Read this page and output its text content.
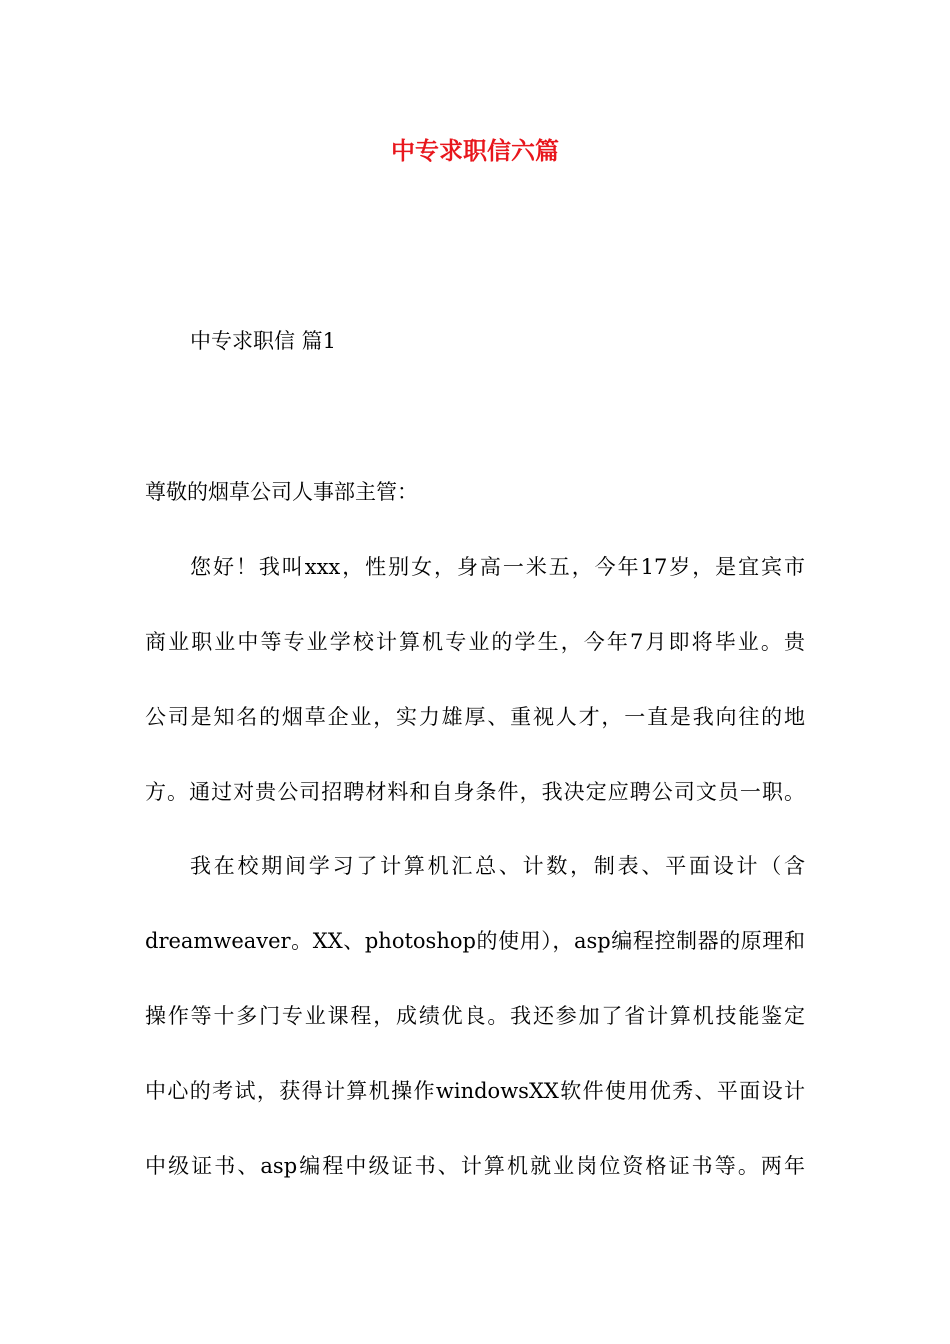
中专求职信六篇

中专求职信 篇1

尊敬的烟草公司人事部主管：

您好！我叫xxx，性别女，身高一米五，今年17岁，是宜宾市

商业职业中等专业学校计算机专业的学生，今年7月即将毕业。贵

公司是知名的烟草企业，实力雄厚、重视人才，一直是我向往的地

方。通过对贵公司招聘材料和自身条件，我决定应聘公司文员一职。

我在校期间学习了计算机汇总、计数，制表、平面设计（含

dreamweaver。XX、photoshop的使用），asp编程控制器的原理和

操作等十多门专业课程，成绩优良。我还参加了省计算机技能鉴定

中心的考试，获得计算机操作windowsXX软件使用优秀、平面设计

中级证书、asp编程中级证书、计算机就业岗位资格证书等。两年
